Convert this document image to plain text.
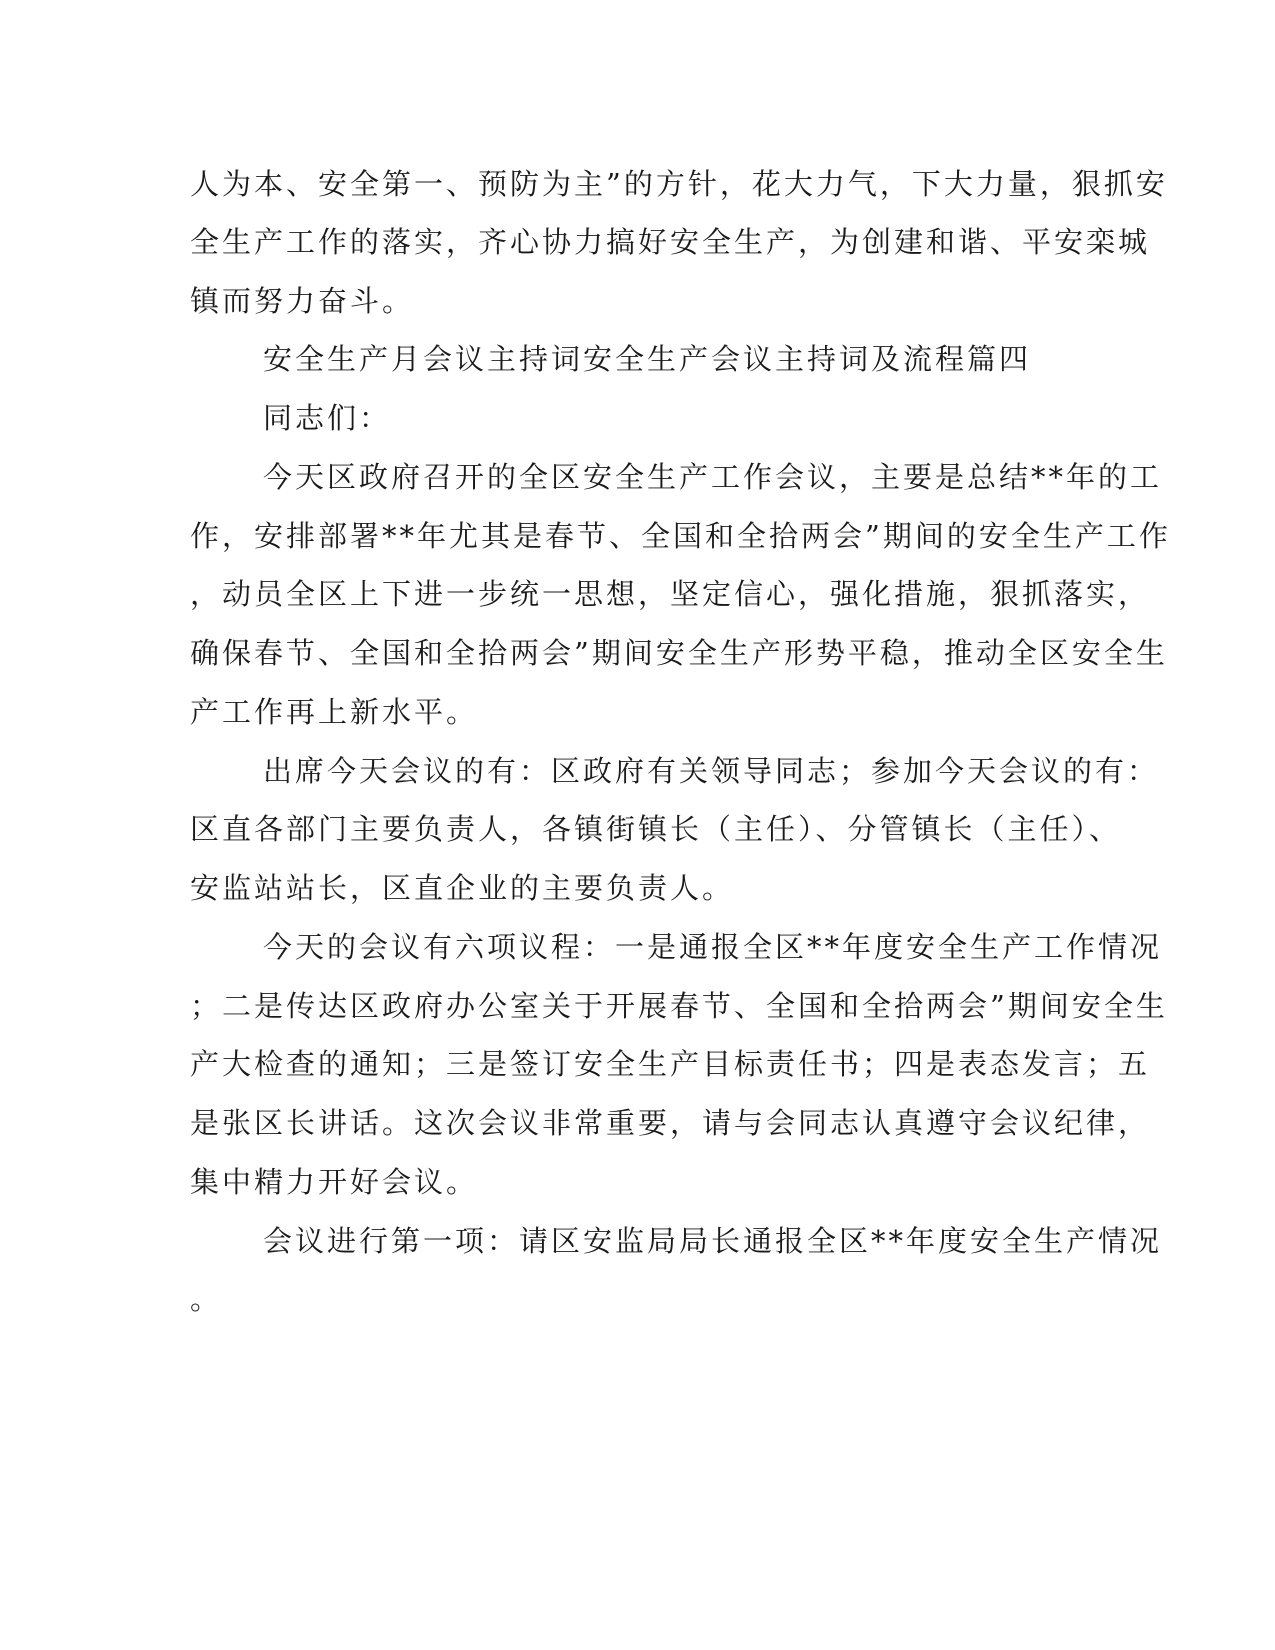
人为本、安全第一、预防为主”的方针，花大力气，下大力量，狠抓安
全生产工作的落实，齐心协力搞好安全生产，为创建和谐、平安栾城
镇而努力奋斗。
安全生产月会议主持词安全生产会议主持词及流程篇四
同志们：
今天区政府召开的全区安全生产工作会议，主要是总结**年的工
作，安排部署**年尤其是春节、全国和全拾两会”期间的安全生产工作
，动员全区上下进一步统一思想，坚定信心，强化措施，狠抓落实，
确保春节、全国和全拾两会”期间安全生产形势平稳，推动全区安全生
产工作再上新水平。
出席今天会议的有：区政府有关领导同志；参加今天会议的有：
区直各部门主要负责人，各镇街镇长（主任）、分管镇长（主任）、
安监站站长，区直企业的主要负责人。
今天的会议有六项议程：一是通报全区**年度安全生产工作情况
；二是传达区政府办公室关于开展春节、全国和全拾两会”期间安全生
产大检查的通知；三是签订安全生产目标责任书；四是表态发言；五
是张区长讲话。这次会议非常重要，请与会同志认真遵守会议纪律，
集中精力开好会议。
会议进行第一项：请区安监局局长通报全区**年度安全生产情况
。
